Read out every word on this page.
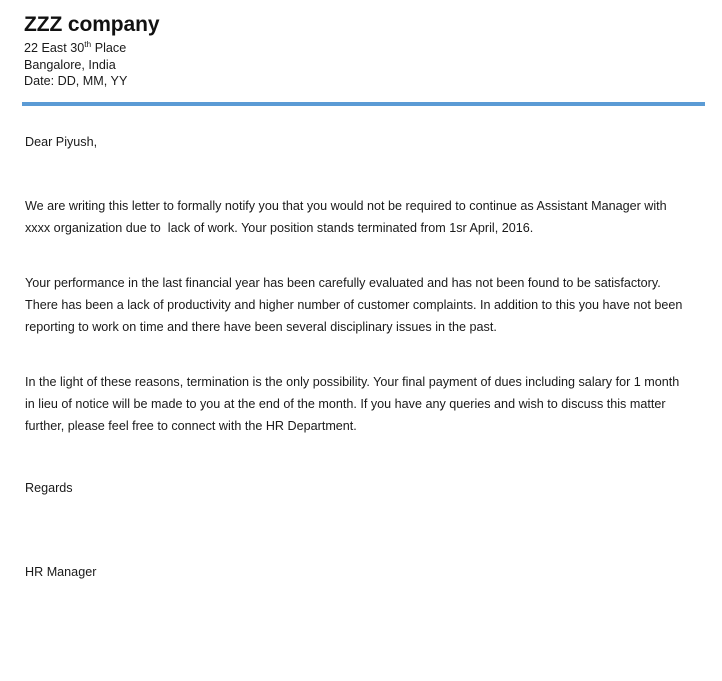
ZZZ company
22 East 30th Place
Bangalore, India
Date: DD, MM, YY
Dear Piyush,
We are writing this letter to formally notify you that you would not be required to continue as Assistant Manager with xxxx organization due to  lack of work. Your position stands terminated from 1sr April, 2016.
Your performance in the last financial year has been carefully evaluated and has not been found to be satisfactory. There has been a lack of productivity and higher number of customer complaints. In addition to this you have not been reporting to work on time and there have been several disciplinary issues in the past.
In the light of these reasons, termination is the only possibility. Your final payment of dues including salary for 1 month in lieu of notice will be made to you at the end of the month. If you have any queries and wish to discuss this matter further, please feel free to connect with the HR Department.
Regards
HR Manager
